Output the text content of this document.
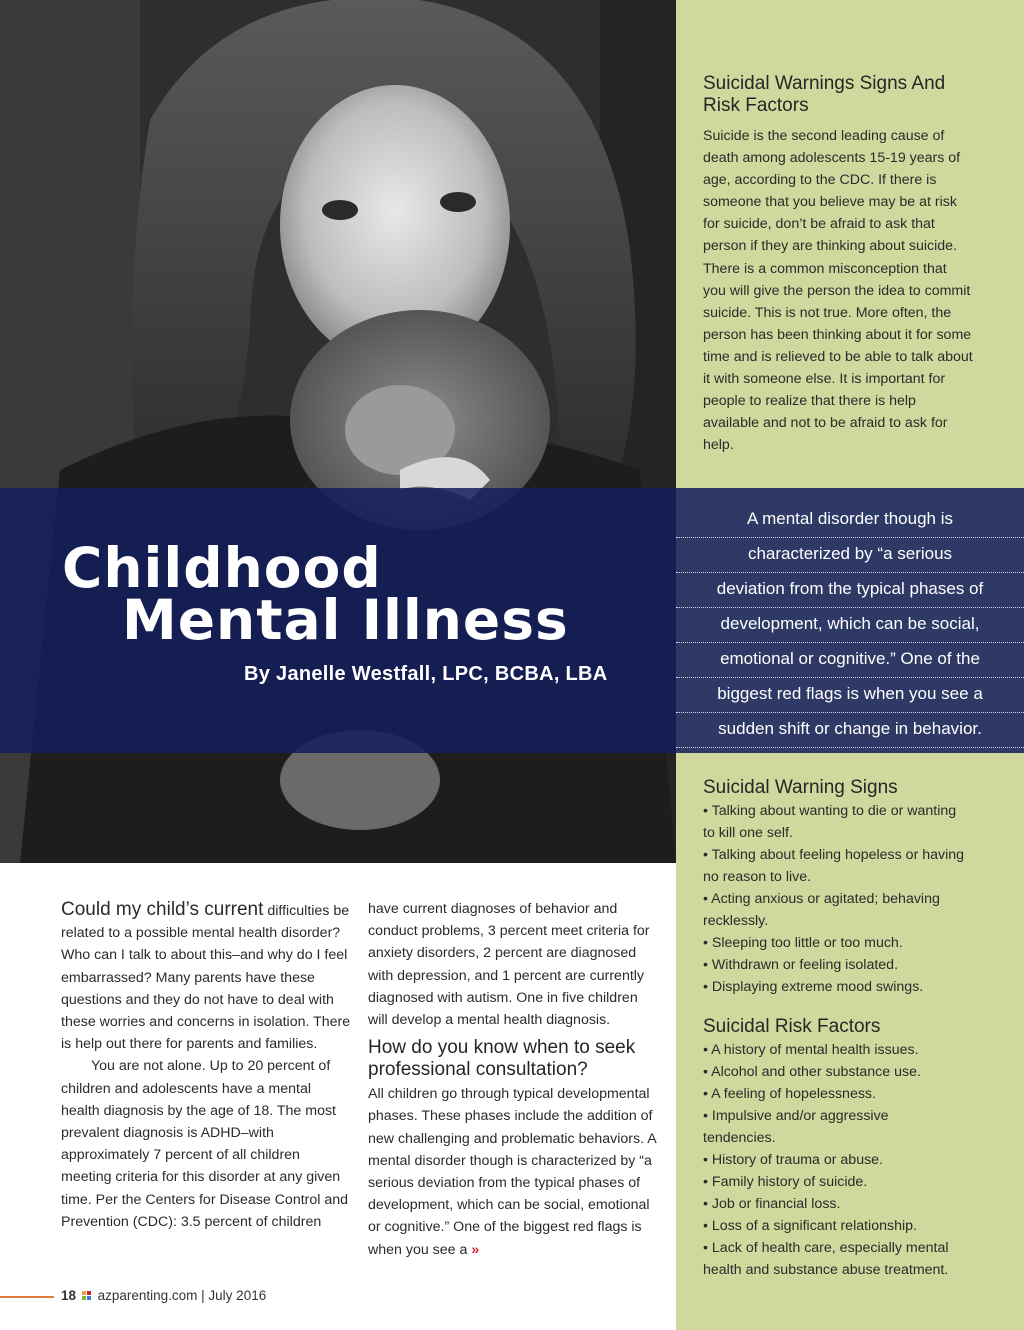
Suicidal Warnings Signs And Risk Factors

Suicide is the second leading cause of death among adolescents 15-19 years of age, according to the CDC. If there is someone that you believe may be at risk for suicide, don’t be afraid to ask that person if they are thinking about suicide. There is a common misconception that you will give the person the idea to commit suicide. This is not true. More often, the person has been thinking about it for some time and is relieved to be able to talk about it with someone else. It is important for people to realize that there is help available and not to be afraid to ask for help.

Childhood
Mental Illness
By Janelle Westfall, LPC, BCBA, LBA
A mental disorder though is
characterized by “a serious
deviation from the typical phases of
development, which can be social,
emotional or cognitive.” One of the
biggest red flags is when you see a
sudden shift or change in behavior.
Suicidal Warning Signs
• Talking about wanting to die or wanting to kill one self.
• Talking about feeling hopeless or having no reason to live.
• Acting anxious or agitated; behaving recklessly.
• Sleeping too little or too much.
• Withdrawn or feeling isolated.
• Displaying extreme mood swings.
Suicidal Risk Factors
• A history of mental health issues.
• Alcohol and other substance use.
• A feeling of hopelessness.
• Impulsive and/or aggressive tendencies.
• History of trauma or abuse.
• Family history of suicide.
• Job or financial loss.
• Loss of a significant relationship.
• Lack of health care, especially mental health and substance abuse treatment.

Could my child’s current difficulties be related to a possible mental health disorder? Who can I talk to about this–and why do I feel embarrassed? Many parents have these questions and they do not have to deal with these worries and concerns in isolation. There is help out there for parents and families.

You are not alone. Up to 20 percent of children and adolescents have a mental health diagnosis by the age of 18. The most prevalent diagnosis is ADHD–with approximately 7 percent of all children meeting criteria for this disorder at any given time. Per the Centers for Disease Control and Prevention (CDC): 3.5 percent of children

have current diagnoses of behavior and conduct problems, 3 percent meet criteria for anxiety disorders, 2 percent are diagnosed with depression, and 1 percent are currently diagnosed with autism. One in five children will develop a mental health diagnosis.

How do you know when to seek professional consultation?

All children go through typical developmental phases. These phases include the addition of new challenging and problematic behaviors. A mental disorder though is characterized by “a serious deviation from the typical phases of development, which can be social, emotional or cognitive.” One of the biggest red flags is when you see a »

18 azparenting.com | July 2016
